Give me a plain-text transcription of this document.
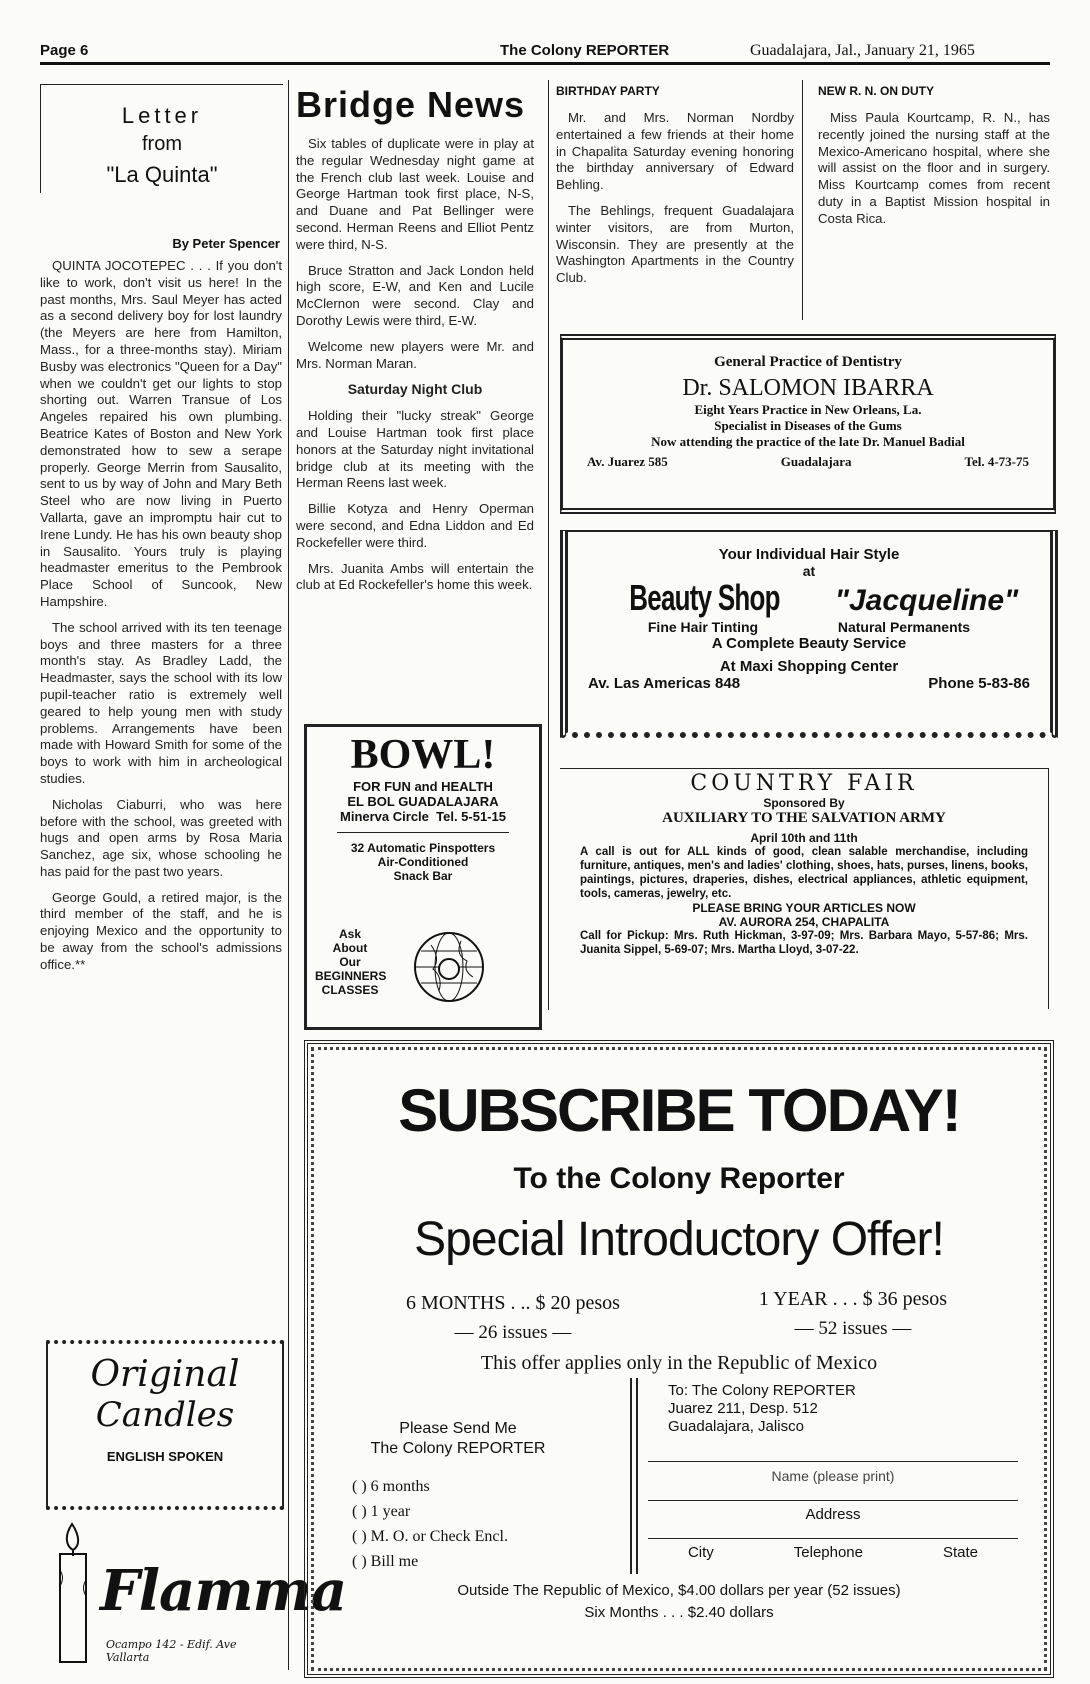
Page 6	The Colony REPORTER	Guadalajara, Jal., January 21, 1965
Letter
from
"La Quinta"
By Peter Spencer

QUINTA JOCOTEPEC . . . If you don't like to work, don't visit us here! In the past months, Mrs. Saul Meyer has acted as a second delivery boy for lost laundry (the Meyers are here from Hamilton, Mass., for a three-months stay). Miriam Busby was electronics "Queen for a Day" when we couldn't get our lights to stop shorting out. Warren Transue of Los Angeles repaired his own plumbing. Beatrice Kates of Boston and New York demonstrated how to sew a serape properly. George Merrin from Sausalito, sent to us by way of John and Mary Beth Steel who are now living in Puerto Vallarta, gave an impromptu hair cut to Irene Lundy. He has his own beauty shop in Sausalito. Yours truly is playing headmaster emeritus to the Pembrook Place School of Suncook, New Hampshire.

The school arrived with its ten teenage boys and three masters for a three month's stay. As Bradley Ladd, the Headmaster, says the school with its low pupil-teacher ratio is extremely well geared to help young men with study problems. Arrangements have been made with Howard Smith for some of the boys to work with him in archeological studies.

Nicholas Ciaburri, who was here before with the school, was greeted with hugs and open arms by Rosa Maria Sanchez, age six, whose schooling he has paid for the past two years.

George Gould, a retired major, is the third member of the staff, and he is enjoying Mexico and the opportunity to be away from the school's admissions office.**

Original
Candles
ENGLISH SPOKEN
Flamma
Ocampo 142 - Edif. Ave Vallarta
Bridge News

Six tables of duplicate were in play at the regular Wednesday night game at the French club last week. Louise and George Hartman took first place, N-S, and Duane and Pat Bellinger were second. Herman Reens and Elliot Pentz were third, N-S.

Bruce Stratton and Jack London held high score, E-W, and Ken and Lucile McClernon were second. Clay and Dorothy Lewis were third, E-W.

Welcome new players were Mr. and Mrs. Norman Maran.

Saturday Night Club

Holding their "lucky streak" George and Louise Hartman took first place honors at the Saturday night invitational bridge club at its meeting with the Herman Reens last week.

Billie Kotyza and Henry Operman were second, and Edna Liddon and Ed Rockefeller were third.

Mrs. Juanita Ambs will entertain the club at Ed Rockefeller's home this week.

BOWL!
FOR FUN and HEALTH
EL BOL GUADALAJARA
Minerva Circle Tel. 5-51-15
32 Automatic Pinspotters
Air-Conditioned
Snack Bar
Ask
About
Our
BEGINNERS
CLASSES
BIRTHDAY PARTY

Mr. and Mrs. Norman Nordby entertained a few friends at their home in Chapalita Saturday evening honoring the birthday anniversary of Edward Behling.

The Behlings, frequent Guadalajara winter visitors, are from Murton, Wisconsin. They are presently at the Washington Apartments in the Country Club.

NEW R. N. ON DUTY

Miss Paula Kourtcamp, R. N., has recently joined the nursing staff at the Mexico-Americano hospital, where she will assist on the floor and in surgery. Miss Kourtcamp comes from recent duty in a Baptist Mission hospital in Costa Rica.

General Practice of Dentistry
Dr. SALOMON IBARRA
Eight Years Practice in New Orleans, La.
Specialist in Diseases of the Gums
Now attending the practice of the late Dr. Manuel Badial
Av. Juarez 585	Guadalajara	Tel. 4-73-75
Your Individual Hair Style
at
Beauty Shop "Jacqueline"
Fine Hair Tinting	Natural Permanents
A Complete Beauty Service
At Maxi Shopping Center
Av. Las Americas 848	Phone 5-83-86
COUNTRY FAIR
Sponsored By
AUXILIARY TO THE SALVATION ARMY
April 10th and 11th
A call is out for ALL kinds of good, clean salable merchandise, including furniture, antiques, men's and ladies' clothing, shoes, hats, purses, linens, books, paintings, pictures, draperies, dishes, electrical appliances, athletic equipment, tools, cameras, jewelry, etc.
PLEASE BRING YOUR ARTICLES NOW
AV. AURORA 254, CHAPALITA
Call for Pickup: Mrs. Ruth Hickman, 3-97-09; Mrs. Barbara Mayo, 5-57-86; Mrs. Juanita Sippel, 5-69-07; Mrs. Martha Lloyd, 3-07-22.
SUBSCRIBE TODAY!
To the Colony Reporter
Special Introductory Offer!
6 MONTHS . .. $ 20 pesos
— 26 issues —
1 YEAR . . . $ 36 pesos
— 52 issues —
This offer applies only in the Republic of Mexico
Please Send Me
The Colony REPORTER
( ) 6 months
( ) 1 year
( ) M. O. or Check Encl.
( ) Bill me
To: The Colony REPORTER
Juarez 211, Desp. 512
Guadalajara, Jalisco
Name (please print)
Address
City	Telephone	State
Outside The Republic of Mexico, $4.00 dollars per year (52 issues)
Six Months . . . $2.40 dollars
